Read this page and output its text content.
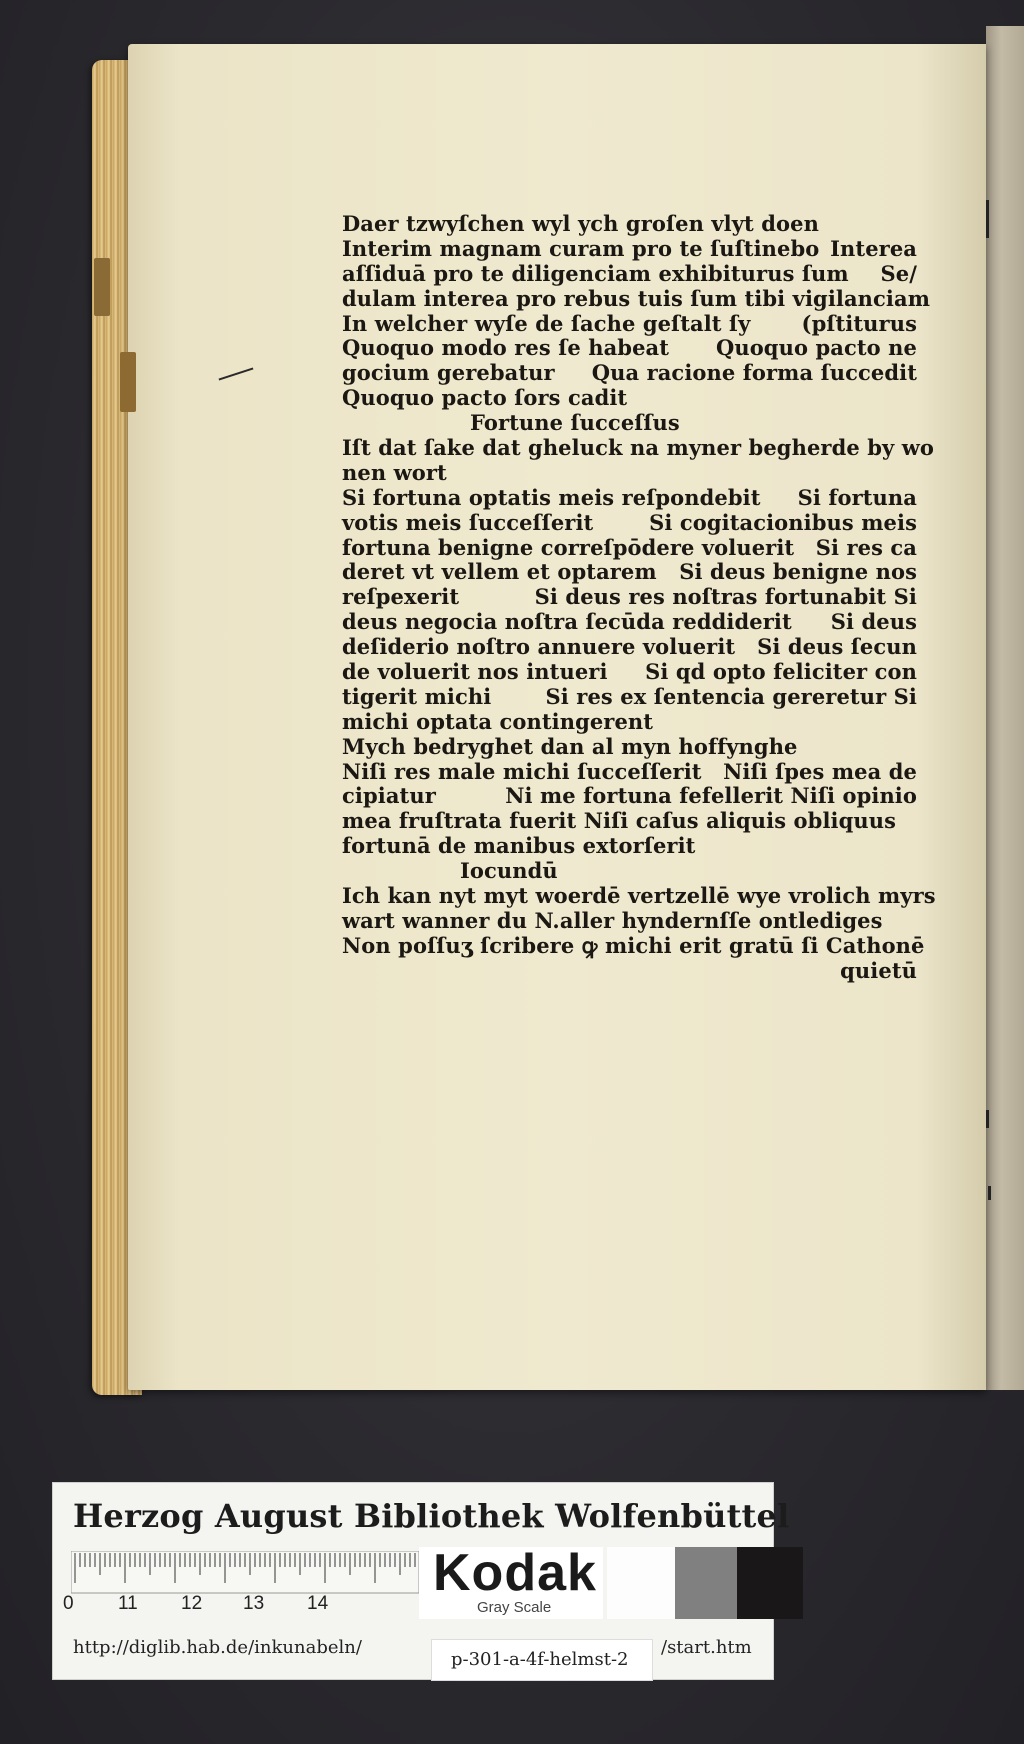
Daer tzwyſchen wyl ych groſen vlyt doen
Interim magnam curam pro te ſuſtinebo Interea
aſſiduā pro te diligenciam exhibiturus ſum Se/
dulam interea pro rebus tuis ſum tibi vigilanciam
In welcher wyſe de ſache geſtalt ſy (pſtiturus
Quoquo modo res ſe habeat Quoquo pacto ne
gocium gerebatur Qua racione forma ſuccedit
Quoquo pacto ſors cadit
Fortune ſucceſſus
Iſt dat ſake dat gheluck na myner begherde by wo
nen wort
Si fortuna optatis meis reſpondebit Si fortuna
votis meis ſucceſſerit	Si cogitacionibus meis
fortuna benigne correſpōdere voluerit Si res ca
deret vt vellem et optarem Si deus benigne nos
reſpexerit	Si deus res noſtras fortunabit Si
deus negocia noſtra ſecūda reddiderit Si deus
deſiderio noſtro annuere voluerit Si deus ſecun
de voluerit nos intueri Si qd opto feliciter con
tigerit michi	Si res ex ſentencia gereretur Si
michi optata contingerent
Mych bedryghet dan al myn hoffynghe
Niſi res male michi ſucceſſerit Niſi ſpes mea de
cipiatur	Ni me fortuna fefellerit Niſi opinio
mea fruſtrata fuerit Niſi caſus aliquis obliquus
fortunā de manibus extorſerit
Iocundū
Ich kan nyt myt woerdē vertzellē wye vrolich myrs
wart wanner du N.aller hyndernſſe ontlediges
Non poſſuʒ ſcribere ꝙ michi erit gratū ſi Cathonē
quietū
Herzog August Bibliothek Wolfenbüttel
0 11 12 13 14
Kodak
Gray Scale
http://diglib.hab.de/inkunabeln/
p-301-a-4f-helmst-2
/start.htm
